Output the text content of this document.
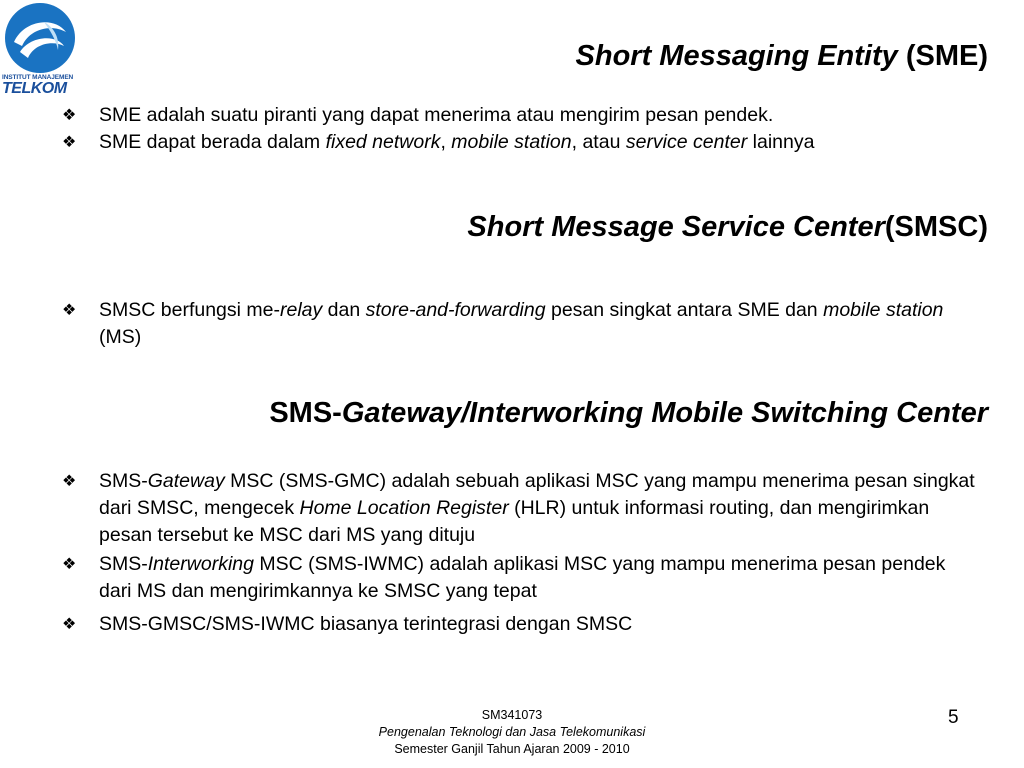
INSTITUT MANAJEMEN
TELKOM
Short Messaging Entity (SME)

❖ SME adalah suatu piranti yang dapat menerima atau mengirim pesan pendek.

❖ SME dapat berada dalam fixed network, mobile station, atau service center lainnya

Short Message Service Center(SMSC)

❖ SMSC berfungsi me-relay dan store-and-forwarding pesan singkat antara SME dan mobile station (MS)

SMS-Gateway/Interworking Mobile Switching Center

❖ SMS-Gateway MSC (SMS-GMC) adalah sebuah aplikasi MSC yang mampu menerima pesan singkat dari SMSC, mengecek Home Location Register (HLR) untuk informasi routing, dan mengirimkan pesan tersebut ke MSC dari MS yang dituju

❖ SMS-Interworking MSC (SMS-IWMC) adalah aplikasi MSC yang mampu menerima pesan pendek dari MS dan mengirimkannya ke SMSC yang tepat

❖ SMS-GMSC/SMS-IWMC biasanya terintegrasi dengan SMSC

SM341073
Pengenalan Teknologi dan Jasa Telekomunikasi
Semester Ganjil Tahun Ajaran 2009 - 2010
5
